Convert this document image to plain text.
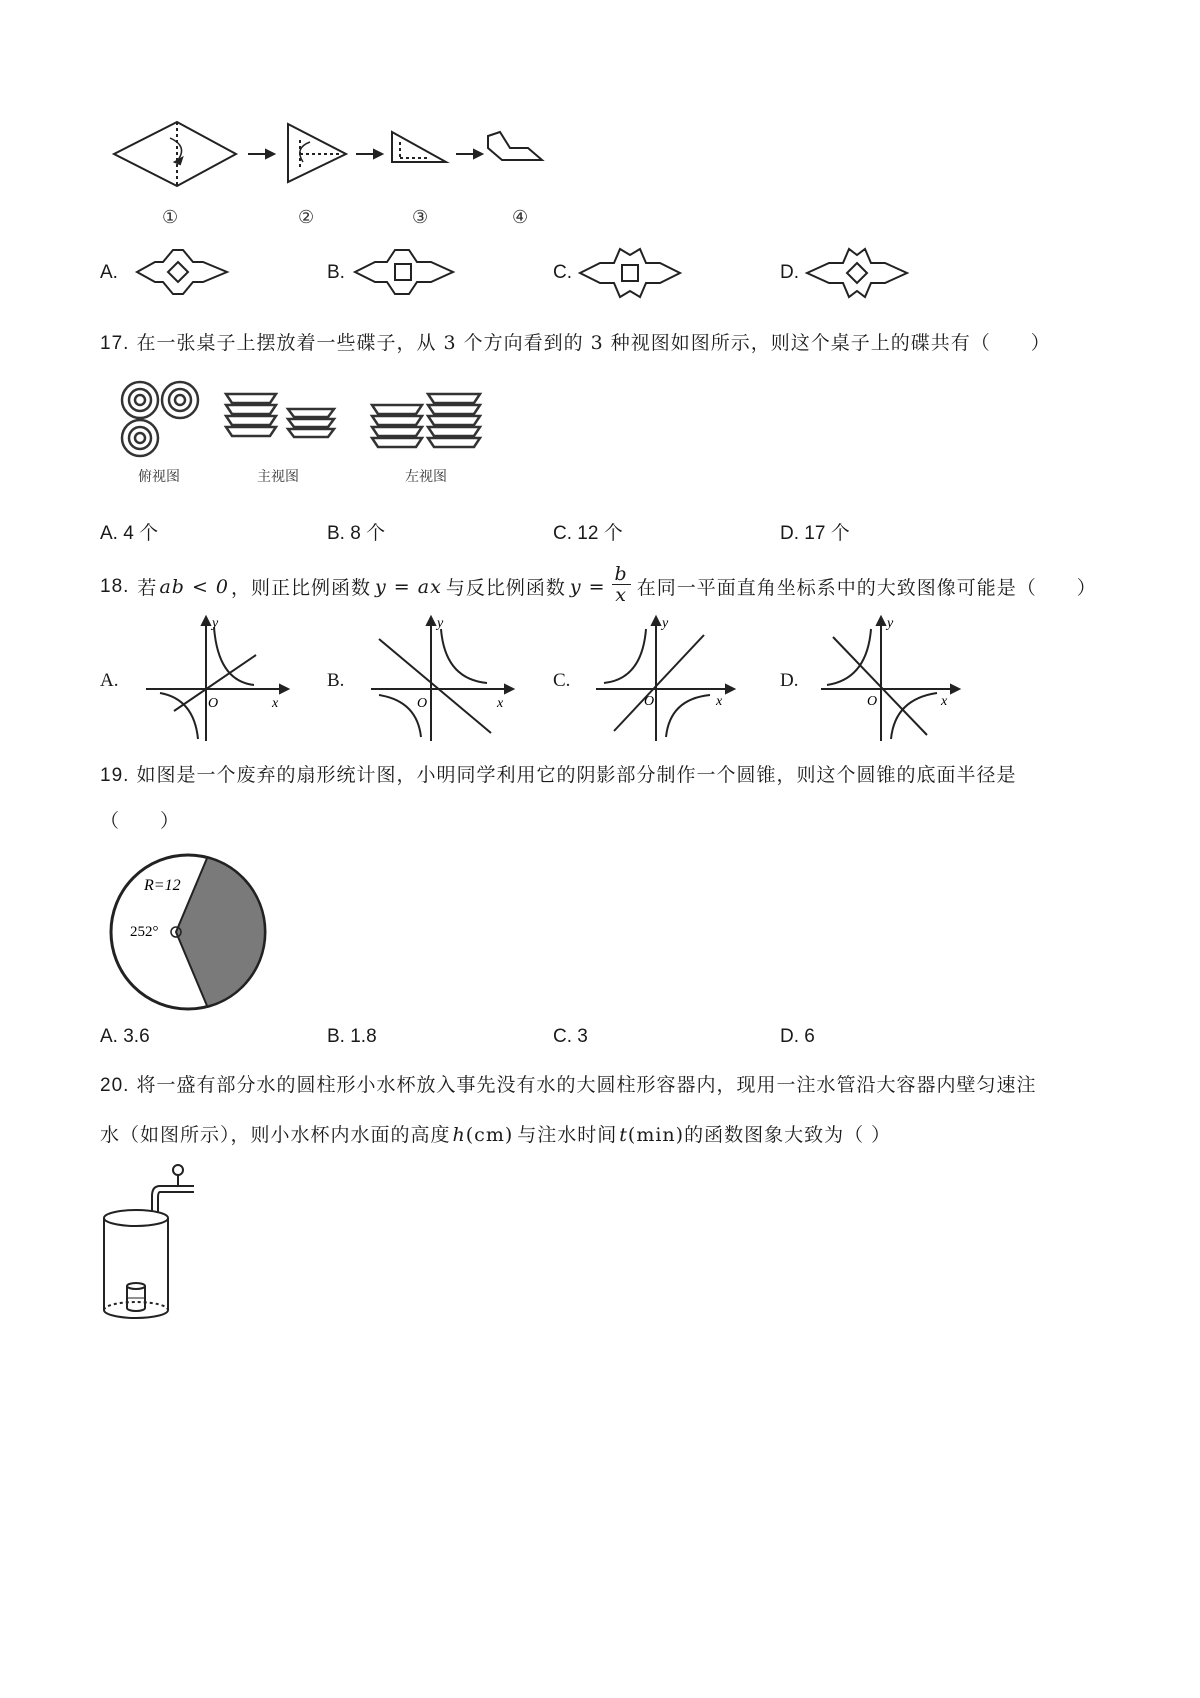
①	②	③	④
A.	B.	C.	D.
17. 在一张桌子上摆放着一些碟子，从 3 个方向看到的 3 种视图如图所示，则这个桌子上的碟共有（　　）
俯视图	主视图	左视图
A. 4 个	B. 8 个	C. 12 个	D. 17 个
18. 若 ab < 0 ，则正比例函数 y = ax 与反比例函数 $y = \frac{b}{x}$ 在同一平面直角坐标系中的大致图像可能是（　　）
A.	B.	C.	D.
y
x
O
y
x
O
y
x
O
y
x
O
19. 如图是一个废弃的扇形统计图，小明同学利用它的阴影部分制作一个圆锥，则这个圆锥的底面半径是
（　　）
R=12
252°
A. 3.6	B. 1.8	C. 3	D. 6
20. 将一盛有部分水的圆柱形小水杯放入事先没有水的大圆柱形容器内，现用一注水管沿大容器内壁匀速注
水（如图所示），则小水杯内水面的高度 h(cm) 与注水时间 t(min)的函数图象大致为（ ）
